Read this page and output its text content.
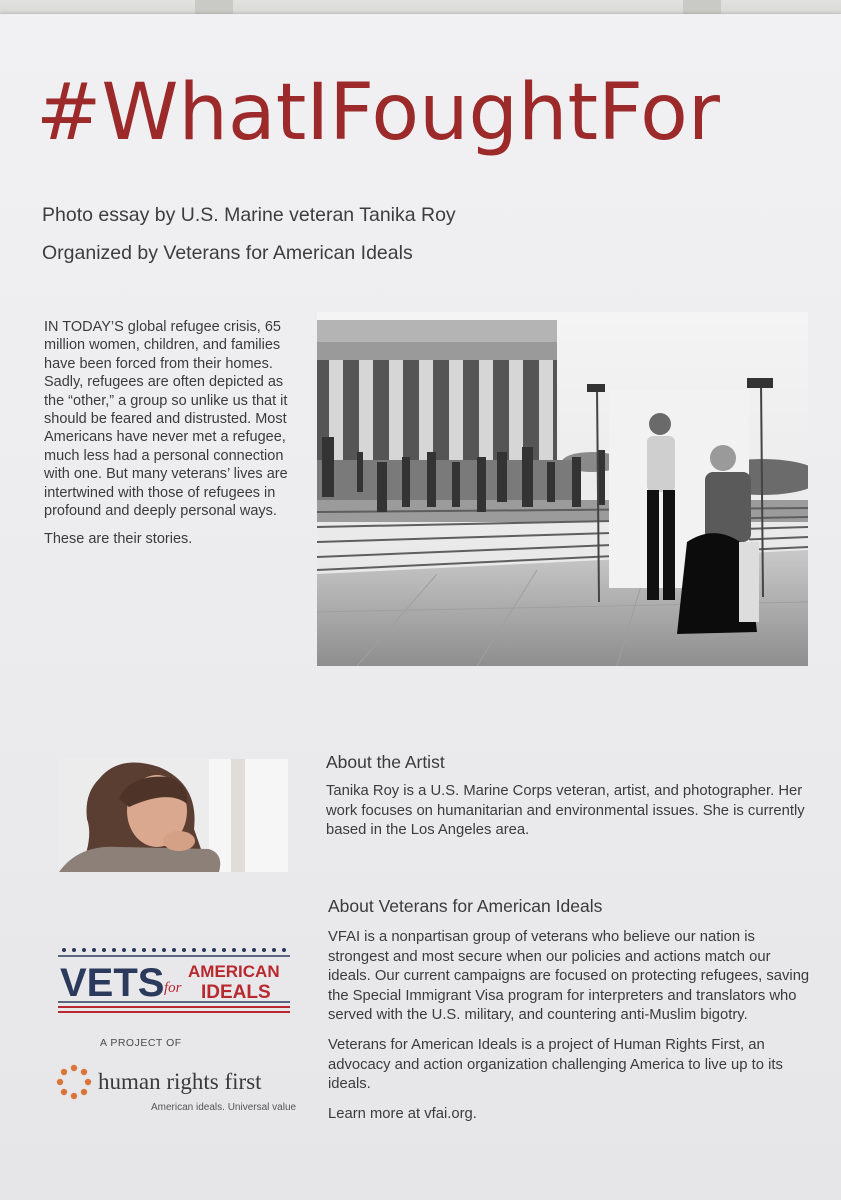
#WhatIFoughtFor
Photo essay by U.S. Marine veteran Tanika Roy
Organized by Veterans for American Ideals

IN TODAY’S global refugee crisis, 65 million women, children, and families have been forced from their homes. Sadly, refugees are often depicted as the “other,” a group so unlike us that it should be feared and distrusted. Most Americans have never met a refugee, much less had a personal connection with one. But many veterans’ lives are intertwined with those of refugees in profound and deeply personal ways.

These are their stories.

About the Artist

Tanika Roy is a U.S. Marine Corps veteran, artist, and photographer. Her work focuses on humanitarian and environmental issues. She is currently based in the Los Angeles area.

About Veterans for American Ideals

VFAI is a nonpartisan group of veterans who believe our nation is strongest and most secure when our policies and actions match our ideals. Our current campaigns are focused on protecting refugees, saving the Special Immigrant Visa program for interpreters and translators who served with the U.S. military, and countering anti-Muslim bigotry.

Veterans for American Ideals is a project of Human Rights First, an advocacy and action organization challenging America to live up to its ideals.

Learn more at vfai.org.

VETS for
AMERICAN
IDEALS
A PROJECT OF
human rights first
American ideals. Universal values.
